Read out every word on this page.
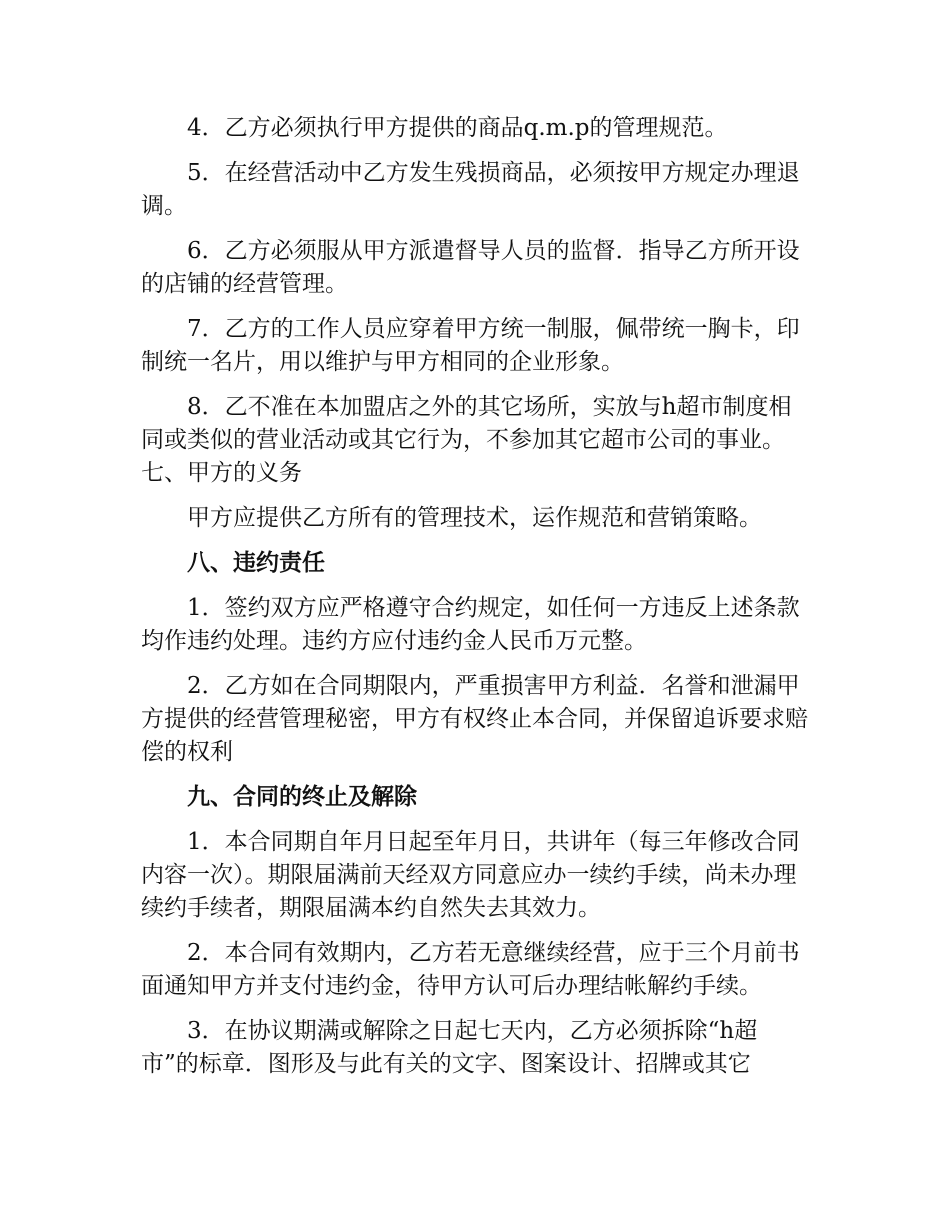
4．乙方必须执行甲方提供的商品q.m.p的管理规范。

5．在经营活动中乙方发生残损商品，必须按甲方规定办理退调。

6．乙方必须服从甲方派遣督导人员的监督．指导乙方所开设的店铺的经营管理。

7．乙方的工作人员应穿着甲方统一制服，佩带统一胸卡，印制统一名片，用以维护与甲方相同的企业形象。

8．乙不准在本加盟店之外的其它场所，实放与h超市制度相同或类似的营业活动或其它行为，不参加其它超市公司的事业。七、甲方的义务

甲方应提供乙方所有的管理技术，运作规范和营销策略。

八、违约责任

1．签约双方应严格遵守合约规定，如任何一方违反上述条款均作违约处理。违约方应付违约金人民币万元整。

2．乙方如在合同期限内，严重损害甲方利益．名誉和泄漏甲方提供的经营管理秘密，甲方有权终止本合同，并保留追诉要求赔偿的权利

九、合同的终止及解除

1．本合同期自年月日起至年月日，共讲年（每三年修改合同内容一次）。期限届满前天经双方同意应办一续约手续，尚未办理续约手续者，期限届满本约自然失去其效力。

2．本合同有效期内，乙方若无意继续经营，应于三个月前书面通知甲方并支付违约金，待甲方认可后办理结帐解约手续。

3．在协议期满或解除之日起七天内，乙方必须拆除“h超市”的标章．图形及与此有关的文字、图案设计、招牌或其它
